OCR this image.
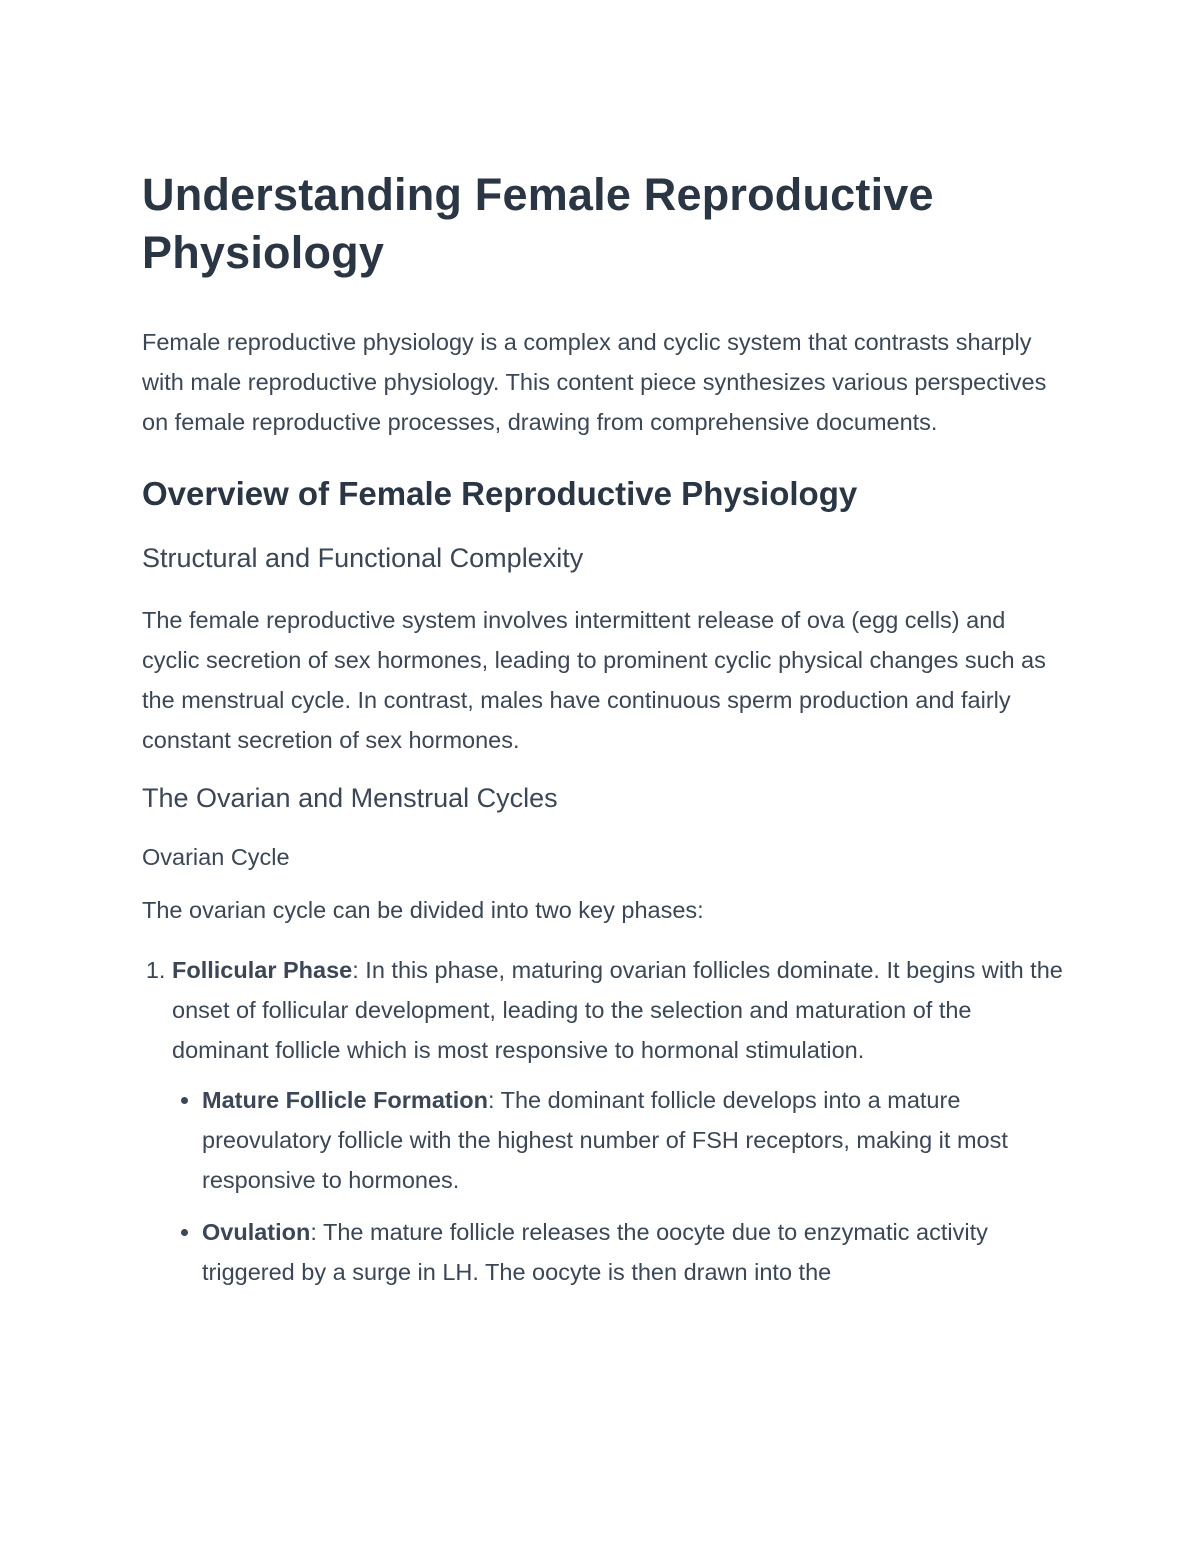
Understanding Female Reproductive Physiology

Female reproductive physiology is a complex and cyclic system that contrasts sharply with male reproductive physiology. This content piece synthesizes various perspectives on female reproductive processes, drawing from comprehensive documents.

Overview of Female Reproductive Physiology
Structural and Functional Complexity

The female reproductive system involves intermittent release of ova (egg cells) and cyclic secretion of sex hormones, leading to prominent cyclic physical changes such as the menstrual cycle. In contrast, males have continuous sperm production and fairly constant secretion of sex hormones.

The Ovarian and Menstrual Cycles
Ovarian Cycle

The ovarian cycle can be divided into two key phases:

1. Follicular Phase: In this phase, maturing ovarian follicles dominate. It begins with the onset of follicular development, leading to the selection and maturation of the dominant follicle which is most responsive to hormonal stimulation.
• Mature Follicle Formation: The dominant follicle develops into a mature preovulatory follicle with the highest number of FSH receptors, making it most responsive to hormones.
• Ovulation: The mature follicle releases the oocyte due to enzymatic activity triggered by a surge in LH. The oocyte is then drawn into the
